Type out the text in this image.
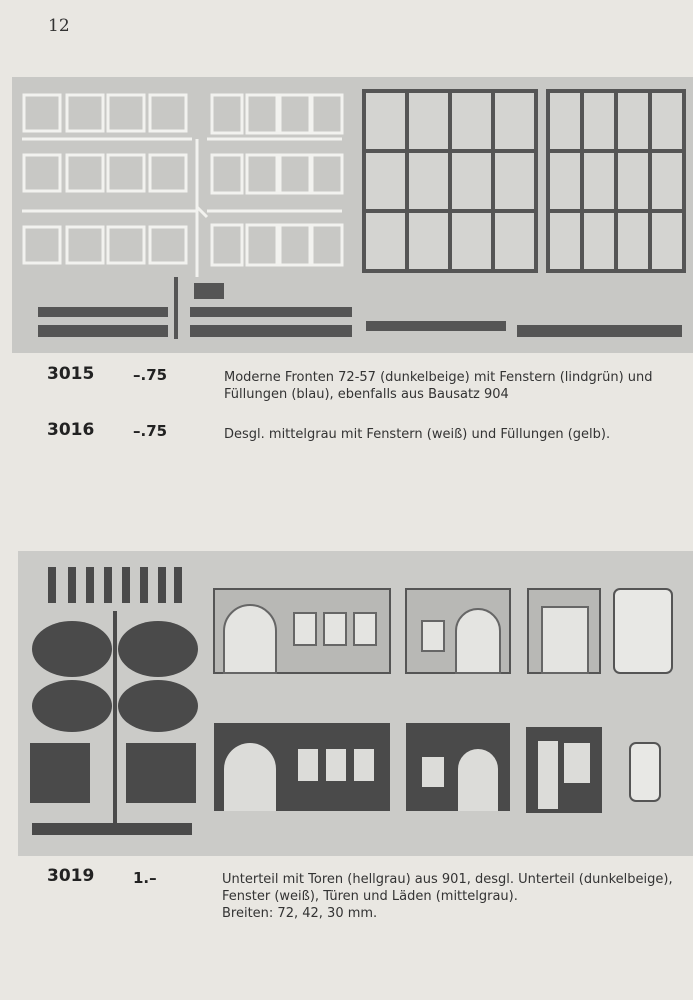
12
3015	–.75	Moderne Fronten 72-57 (dunkelbeige) mit Fenstern (lindgrün) und Füllungen (blau), ebenfalls aus Bausatz 904
3016	–.75	Desgl. mittelgrau mit Fenstern (weiß) und Füllungen (gelb).
3019	1.–	Unterteil mit Toren (hellgrau) aus 901, desgl. Unterteil (dunkelbeige),
Fenster (weiß), Türen und Läden (mittelgrau).
Breiten: 72, 42, 30 mm.
